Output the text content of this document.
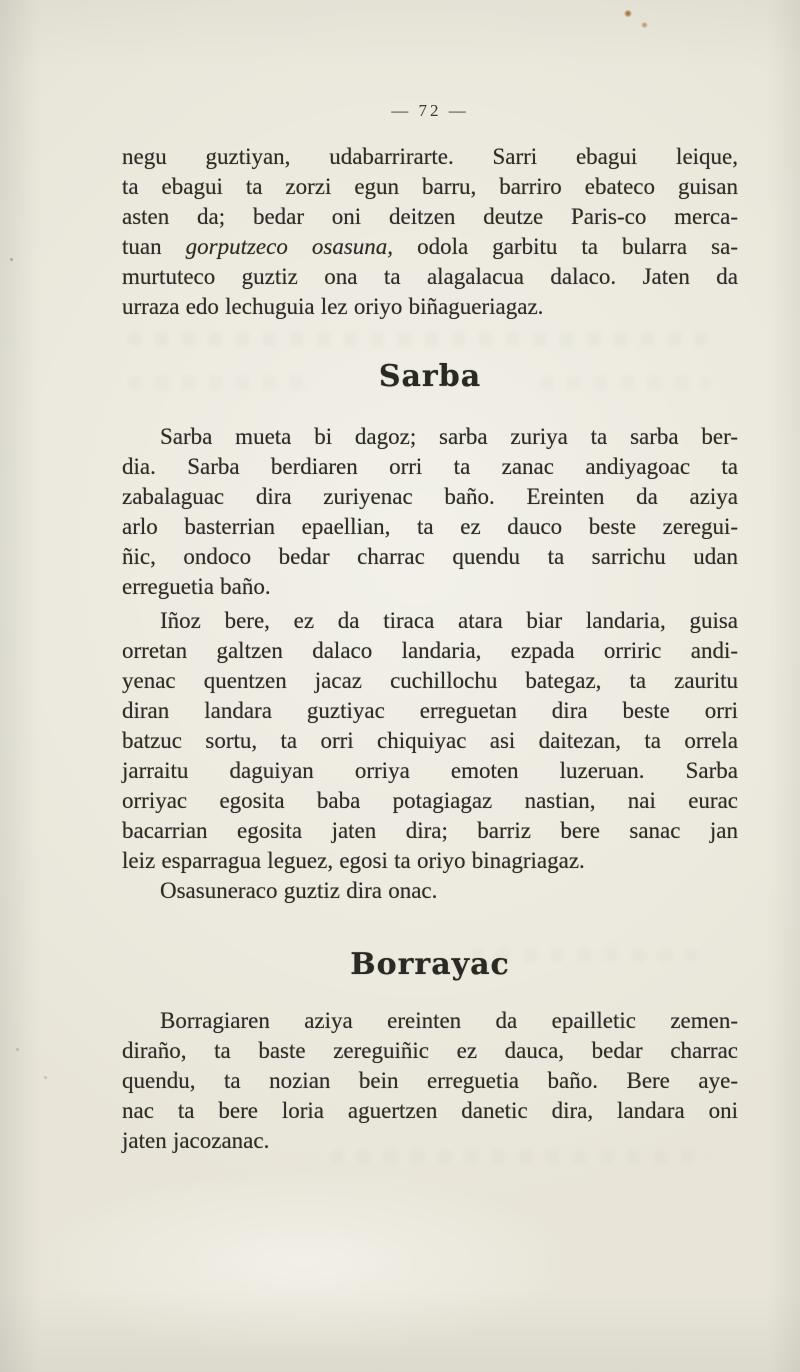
— 72 —
negu guztiyan, udabarrirarte. Sarri ebagui leique,
ta ebagui ta zorzi egun barru, barriro ebateco guisan
asten da; bedar oni deitzen deutze Paris-co merca-
tuan gorputzeco osasuna, odola garbitu ta bularra sa-
murtuteco guztiz ona ta alagalacua dalaco. Jaten da
urraza edo lechuguia lez oriyo biñagueriagaz.
Sarba
Sarba mueta bi dagoz; sarba zuriya ta sarba ber-
dia. Sarba berdiaren orri ta zanac andiyagoac ta
zabalaguac dira zuriyenac baño. Ereinten da aziya
arlo basterrian epaellian, ta ez dauco beste zeregui-
ñic, ondoco bedar charrac quendu ta sarrichu udan
erreguetia baño.
Iñoz bere, ez da tiraca atara biar landaria, guisa
orretan galtzen dalaco landaria, ezpada orriric andi-
yenac quentzen jacaz cuchillochu bategaz, ta zauritu
diran landara guztiyac erreguetan dira beste orri
batzuc sortu, ta orri chiquiyac asi daitezan, ta orrela
jarraitu daguiyan orriya emoten luzeruan. Sarba
orriyac egosita baba potagiagaz nastian, nai eurac
bacarrian egosita jaten dira; barriz bere sanac jan
leiz esparragua leguez, egosi ta oriyo binagriagaz.
Osasuneraco guztiz dira onac.
Borrayac
Borragiaren aziya ereinten da epailletic zemen-
diraño, ta baste zereguiñic ez dauca, bedar charrac
quendu, ta nozian bein erreguetia baño. Bere aye-
nac ta bere loria aguertzen danetic dira, landara oni
jaten jacozanac.
